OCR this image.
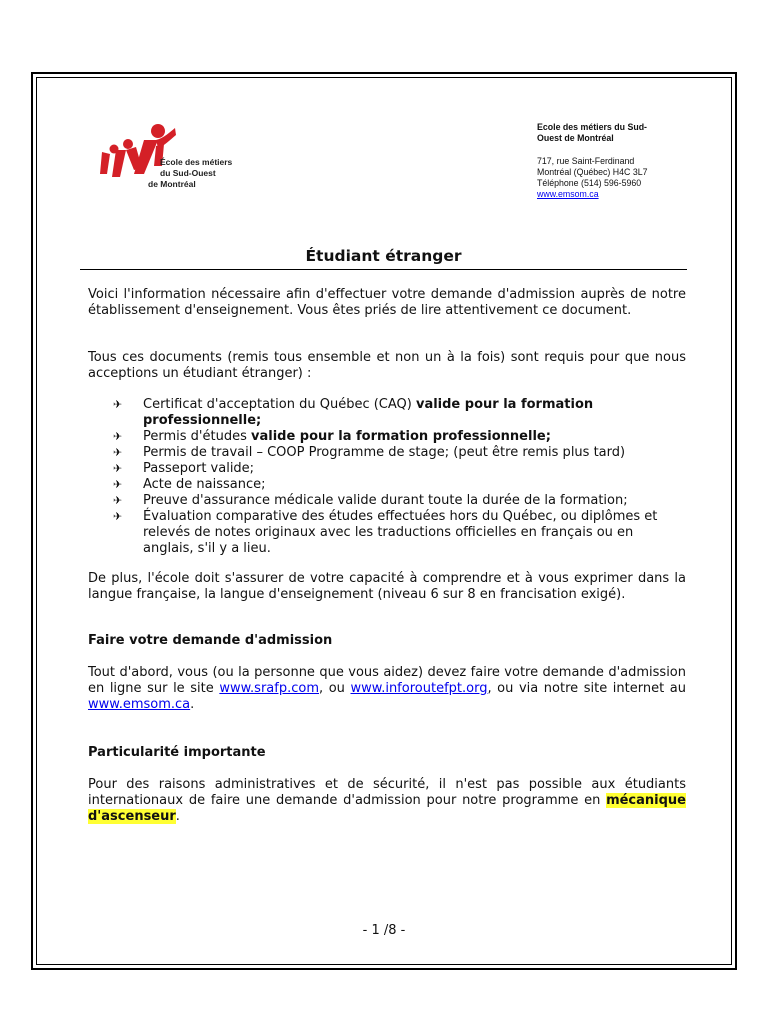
École des métiers
du Sud-Ouest
de Montréal
Ecole des métiers du Sud-Ouest de Montréal
717, rue Saint-Ferdinand
Montréal (Québec) H4C 3L7
Téléphone (514) 596-5960
www.emsom.ca
Étudiant étranger
Voici l'information nécessaire afin d'effectuer votre demande d'admission auprès de notre établissement d'enseignement. Vous êtes priés de lire attentivement ce document.
Tous ces documents (remis tous ensemble et non un à la fois) sont requis pour que nous acceptions un étudiant étranger) :
✈	Certificat d'acceptation du Québec (CAQ) valide pour la formation professionnelle;
✈	Permis d'études valide pour la formation professionnelle;
✈	Permis de travail – COOP Programme de stage; (peut être remis plus tard)
✈	Passeport valide;
✈	Acte de naissance;
✈	Preuve d'assurance médicale valide durant toute la durée de la formation;
✈	Évaluation comparative des études effectuées hors du Québec, ou diplômes et relevés de notes originaux avec les traductions officielles en français ou en anglais, s'il y a lieu.
De plus, l'école doit s'assurer de votre capacité à comprendre et à vous exprimer dans la langue française, la langue d'enseignement (niveau 6 sur 8 en francisation exigé).
Faire votre demande d'admission
Tout d'abord, vous (ou la personne que vous aidez) devez faire votre demande d'admission en ligne sur le site www.srafp.com, ou www.inforoutefpt.org, ou via notre site internet au www.emsom.ca.
Particularité importante
Pour des raisons administratives et de sécurité, il n'est pas possible aux étudiants internationaux de faire une demande d'admission pour notre programme en mécanique d'ascenseur.
- 1 /8 -
